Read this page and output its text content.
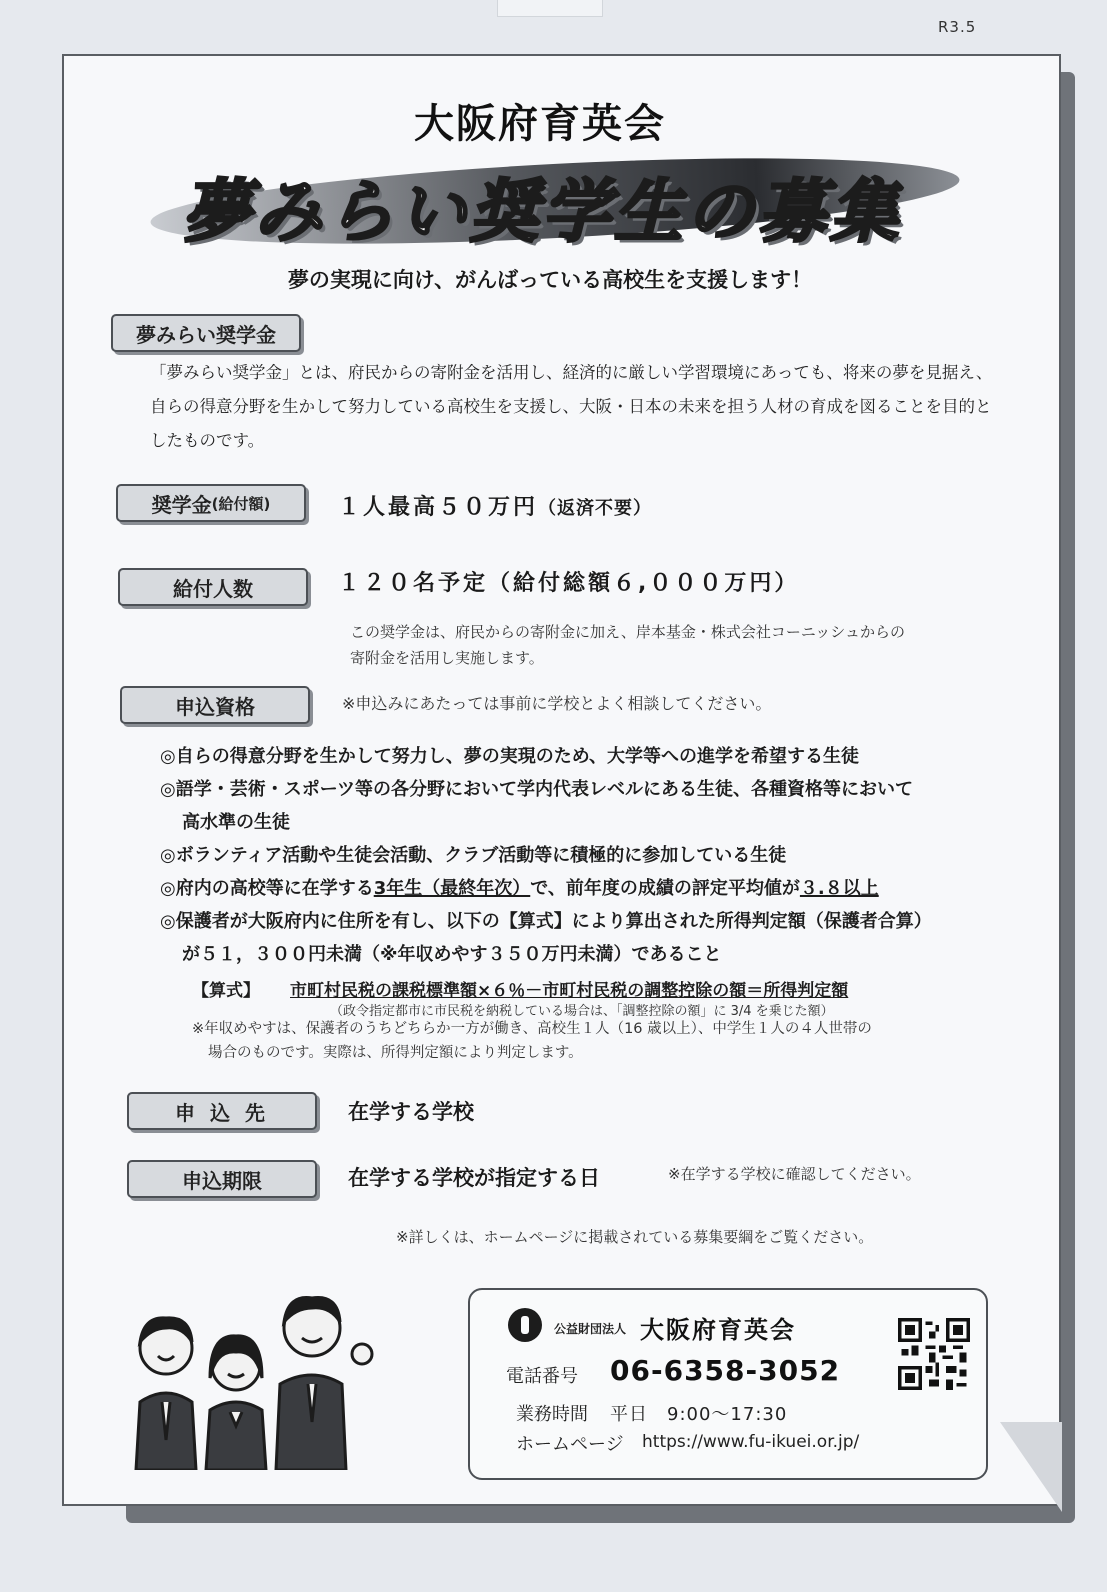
R3.5
大阪府育英会
夢みらい奨学生の募集
夢の実現に向け、がんばっている高校生を支援します！
夢みらい奨学金
「夢みらい奨学金」とは、府民からの寄附金を活用し、経済的に厳しい学習環境にあっても、将来の夢を見据え、自らの得意分野を生かして努力している高校生を支援し、大阪・日本の未来を担う人材の育成を図ることを目的としたものです。
奨学金 (給付額)	１人最高５０万円（返済不要）
給付人数	１２０名予定（給付総額６,０００万円）
この奨学金は、府民からの寄附金に加え、岸本基金・株式会社コーニッシュからの
寄附金を活用し実施します。
申込資格	※申込みにあたっては事前に学校とよく相談してください。
◎自らの得意分野を生かして努力し、夢の実現のため、大学等への進学を希望する生徒
◎語学・芸術・スポーツ等の各分野において学内代表レベルにある生徒、各種資格等において
高水準の生徒
◎ボランティア活動や生徒会活動、クラブ活動等に積極的に参加している生徒
◎府内の高校等に在学する3年生（最終年次）で、前年度の成績の評定平均値が３.８以上
◎保護者が大阪府内に住所を有し、以下の【算式】により算出された所得判定額（保護者合算）
が５１，３００円未満（※年収めやす３５０万円未満）であること
【算式】 市町村民税の課税標準額×６％－市町村民税の調整控除の額＝所得判定額
（政令指定都市に市民税を納税している場合は、「調整控除の額」に 3/4 を乗じた額）
※年収めやすは、保護者のうちどちらか一方が働き、高校生１人（16 歳以上）、中学生１人の４人世帯の
場合のものです。実際は、所得判定額により判定します。
申 込 先	在学する学校
申込期限	在学する学校が指定する日	※在学する学校に確認してください。
※詳しくは、ホームページに掲載されている募集要綱をご覧ください。
公益財団法人 大阪府育英会
電話番号 06-6358-3052
業務時間 平日　9:00～17:30
ホームページ https://www.fu-ikuei.or.jp/
